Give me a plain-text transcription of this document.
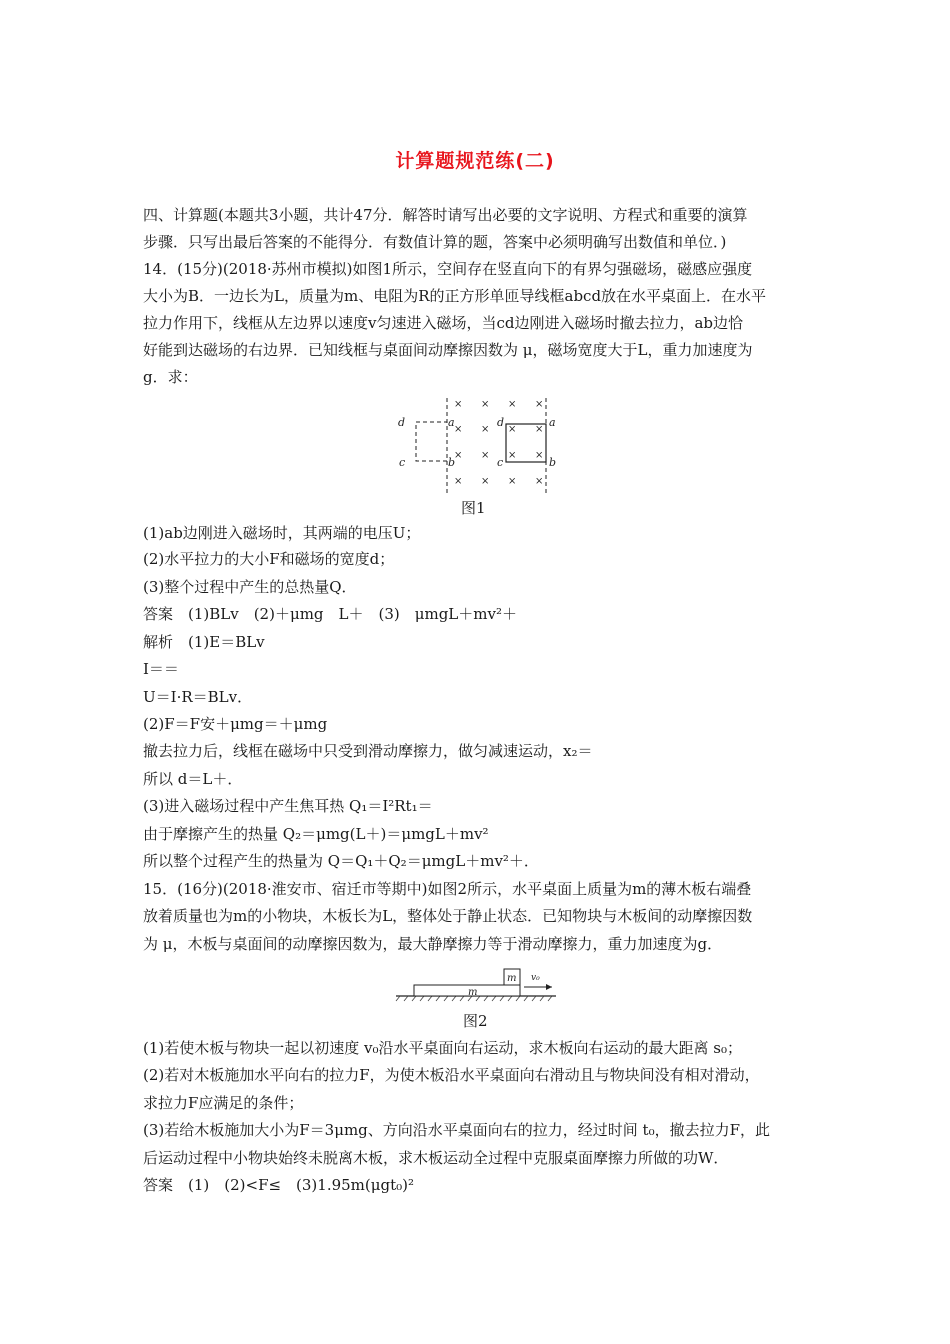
计算题规范练(二)
四、计算题(本题共3小题，共计47分．解答时请写出必要的文字说明、方程式和重要的演算
步骤．只写出最后答案的不能得分．有数值计算的题，答案中必须明确写出数值和单位．)
14．(15分)(2018·苏州市模拟)如图1所示，空间存在竖直向下的有界匀强磁场，磁感应强度
大小为B．一边长为L，质量为m、电阻为R的正方形单匝导线框abcd放在水平桌面上．在水平
拉力作用下，线框从左边界以速度v匀速进入磁场，当cd边刚进入磁场时撤去拉力，ab边恰
好能到达磁场的右边界．已知线框与桌面间动摩擦因数为 μ，磁场宽度大于L，重力加速度为
g．求：
× × × ×
× × × ×
× × × ×
× × × ×
d	a
c	b
d	a
c	b
图1
(1)ab边刚进入磁场时，其两端的电压U；
(2)水平拉力的大小F和磁场的宽度d；
(3)整个过程中产生的总热量Q．
答案　(1)BLv　(2)＋μmg　L＋　(3)　μmgL＋mv²＋
解析　(1)E＝BLv
I＝＝
U＝I·R＝BLv．
(2)F＝F安＋μmg＝＋μmg
撤去拉力后，线框在磁场中只受到滑动摩擦力，做匀减速运动，x₂＝
所以 d＝L＋．
(3)进入磁场过程中产生焦耳热 Q₁＝I²Rt₁＝
由于摩擦产生的热量 Q₂＝μmg(L＋)＝μmgL＋mv²
所以整个过程产生的热量为 Q＝Q₁＋Q₂＝μmgL＋mv²＋．
15．(16分)(2018·淮安市、宿迁市等期中)如图2所示，水平桌面上质量为m的薄木板右端叠
放着质量也为m的小物块，木板长为L，整体处于静止状态．已知物块与木板间的动摩擦因数
为 μ，木板与桌面间的动摩擦因数为，最大静摩擦力等于滑动摩擦力，重力加速度为g．
m
m v₀
图2
(1)若使木板与物块一起以初速度 v₀沿水平桌面向右运动，求木板向右运动的最大距离 s₀；
(2)若对木板施加水平向右的拉力F，为使木板沿水平桌面向右滑动且与物块间没有相对滑动，
求拉力F应满足的条件；
(3)若给木板施加大小为F＝3μmg、方向沿水平桌面向右的拉力，经过时间 t₀，撤去拉力F，此
后运动过程中小物块始终未脱离木板，求木板运动全过程中克服桌面摩擦力所做的功W．
答案　(1)　(2)<F≤　(3)1.95m(μgt₀)²
